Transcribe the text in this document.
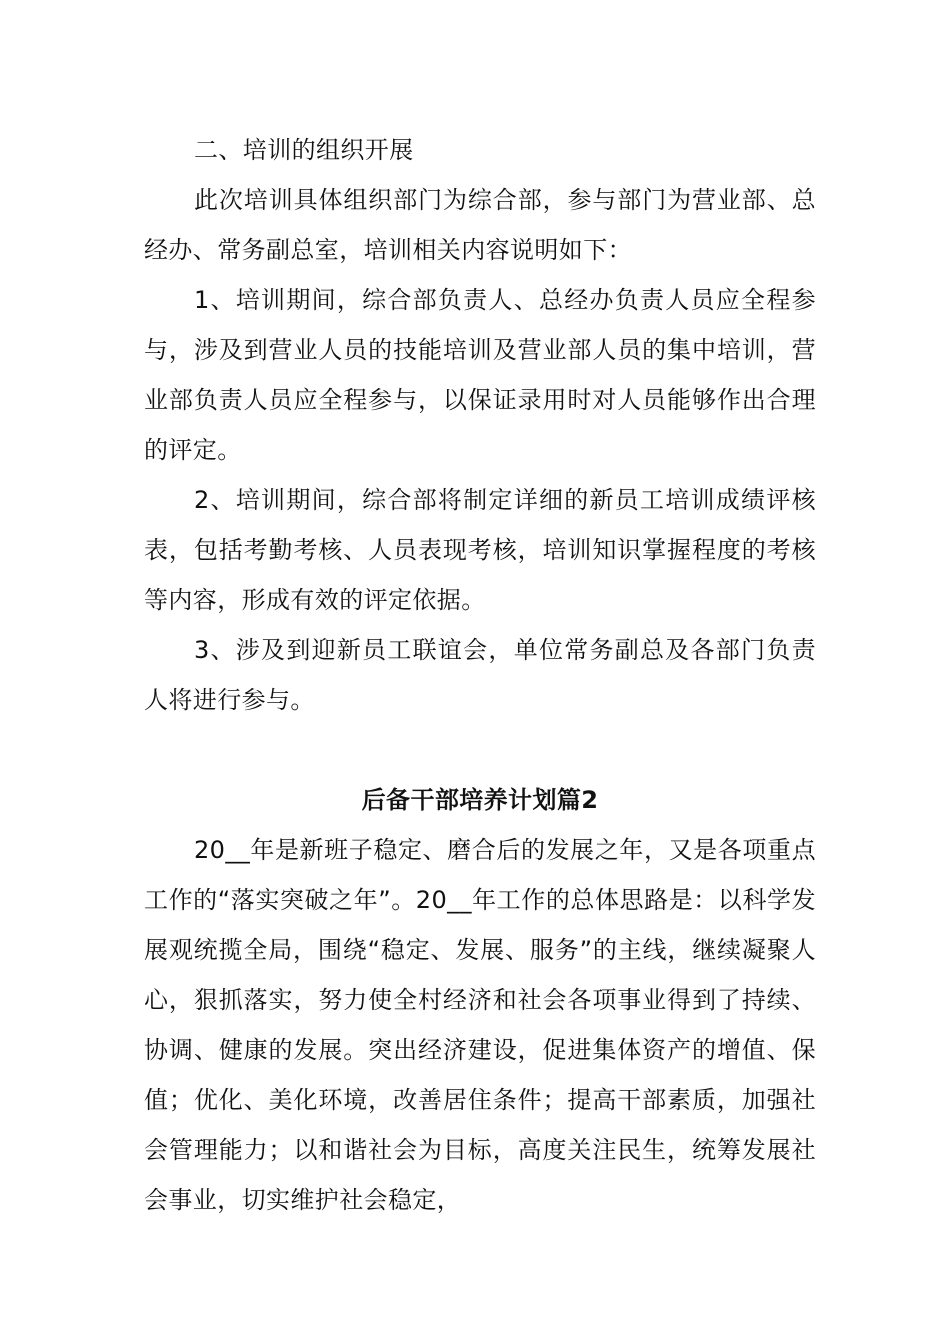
二、培训的组织开展

此次培训具体组织部门为综合部，参与部门为营业部、总经办、常务副总室，培训相关内容说明如下：

1、培训期间，综合部负责人、总经办负责人员应全程参与，涉及到营业人员的技能培训及营业部人员的集中培训，营业部负责人员应全程参与，以保证录用时对人员能够作出合理的评定。

2、培训期间，综合部将制定详细的新员工培训成绩评核表，包括考勤考核、人员表现考核，培训知识掌握程度的考核等内容，形成有效的评定依据。

3、涉及到迎新员工联谊会，单位常务副总及各部门负责人将进行参与。

后备干部培养计划篇2

20__年是新班子稳定、磨合后的发展之年，又是各项重点工作的“落实突破之年”。20__年工作的总体思路是：以科学发展观统揽全局，围绕“稳定、发展、服务”的主线，继续凝聚人心，狠抓落实，努力使全村经济和社会各项事业得到了持续、协调、健康的发展。突出经济建设，促进集体资产的增值、保值；优化、美化环境，改善居住条件；提高干部素质，加强社会管理能力；以和谐社会为目标，高度关注民生，统筹发展社会事业，切实维护社会稳定，
